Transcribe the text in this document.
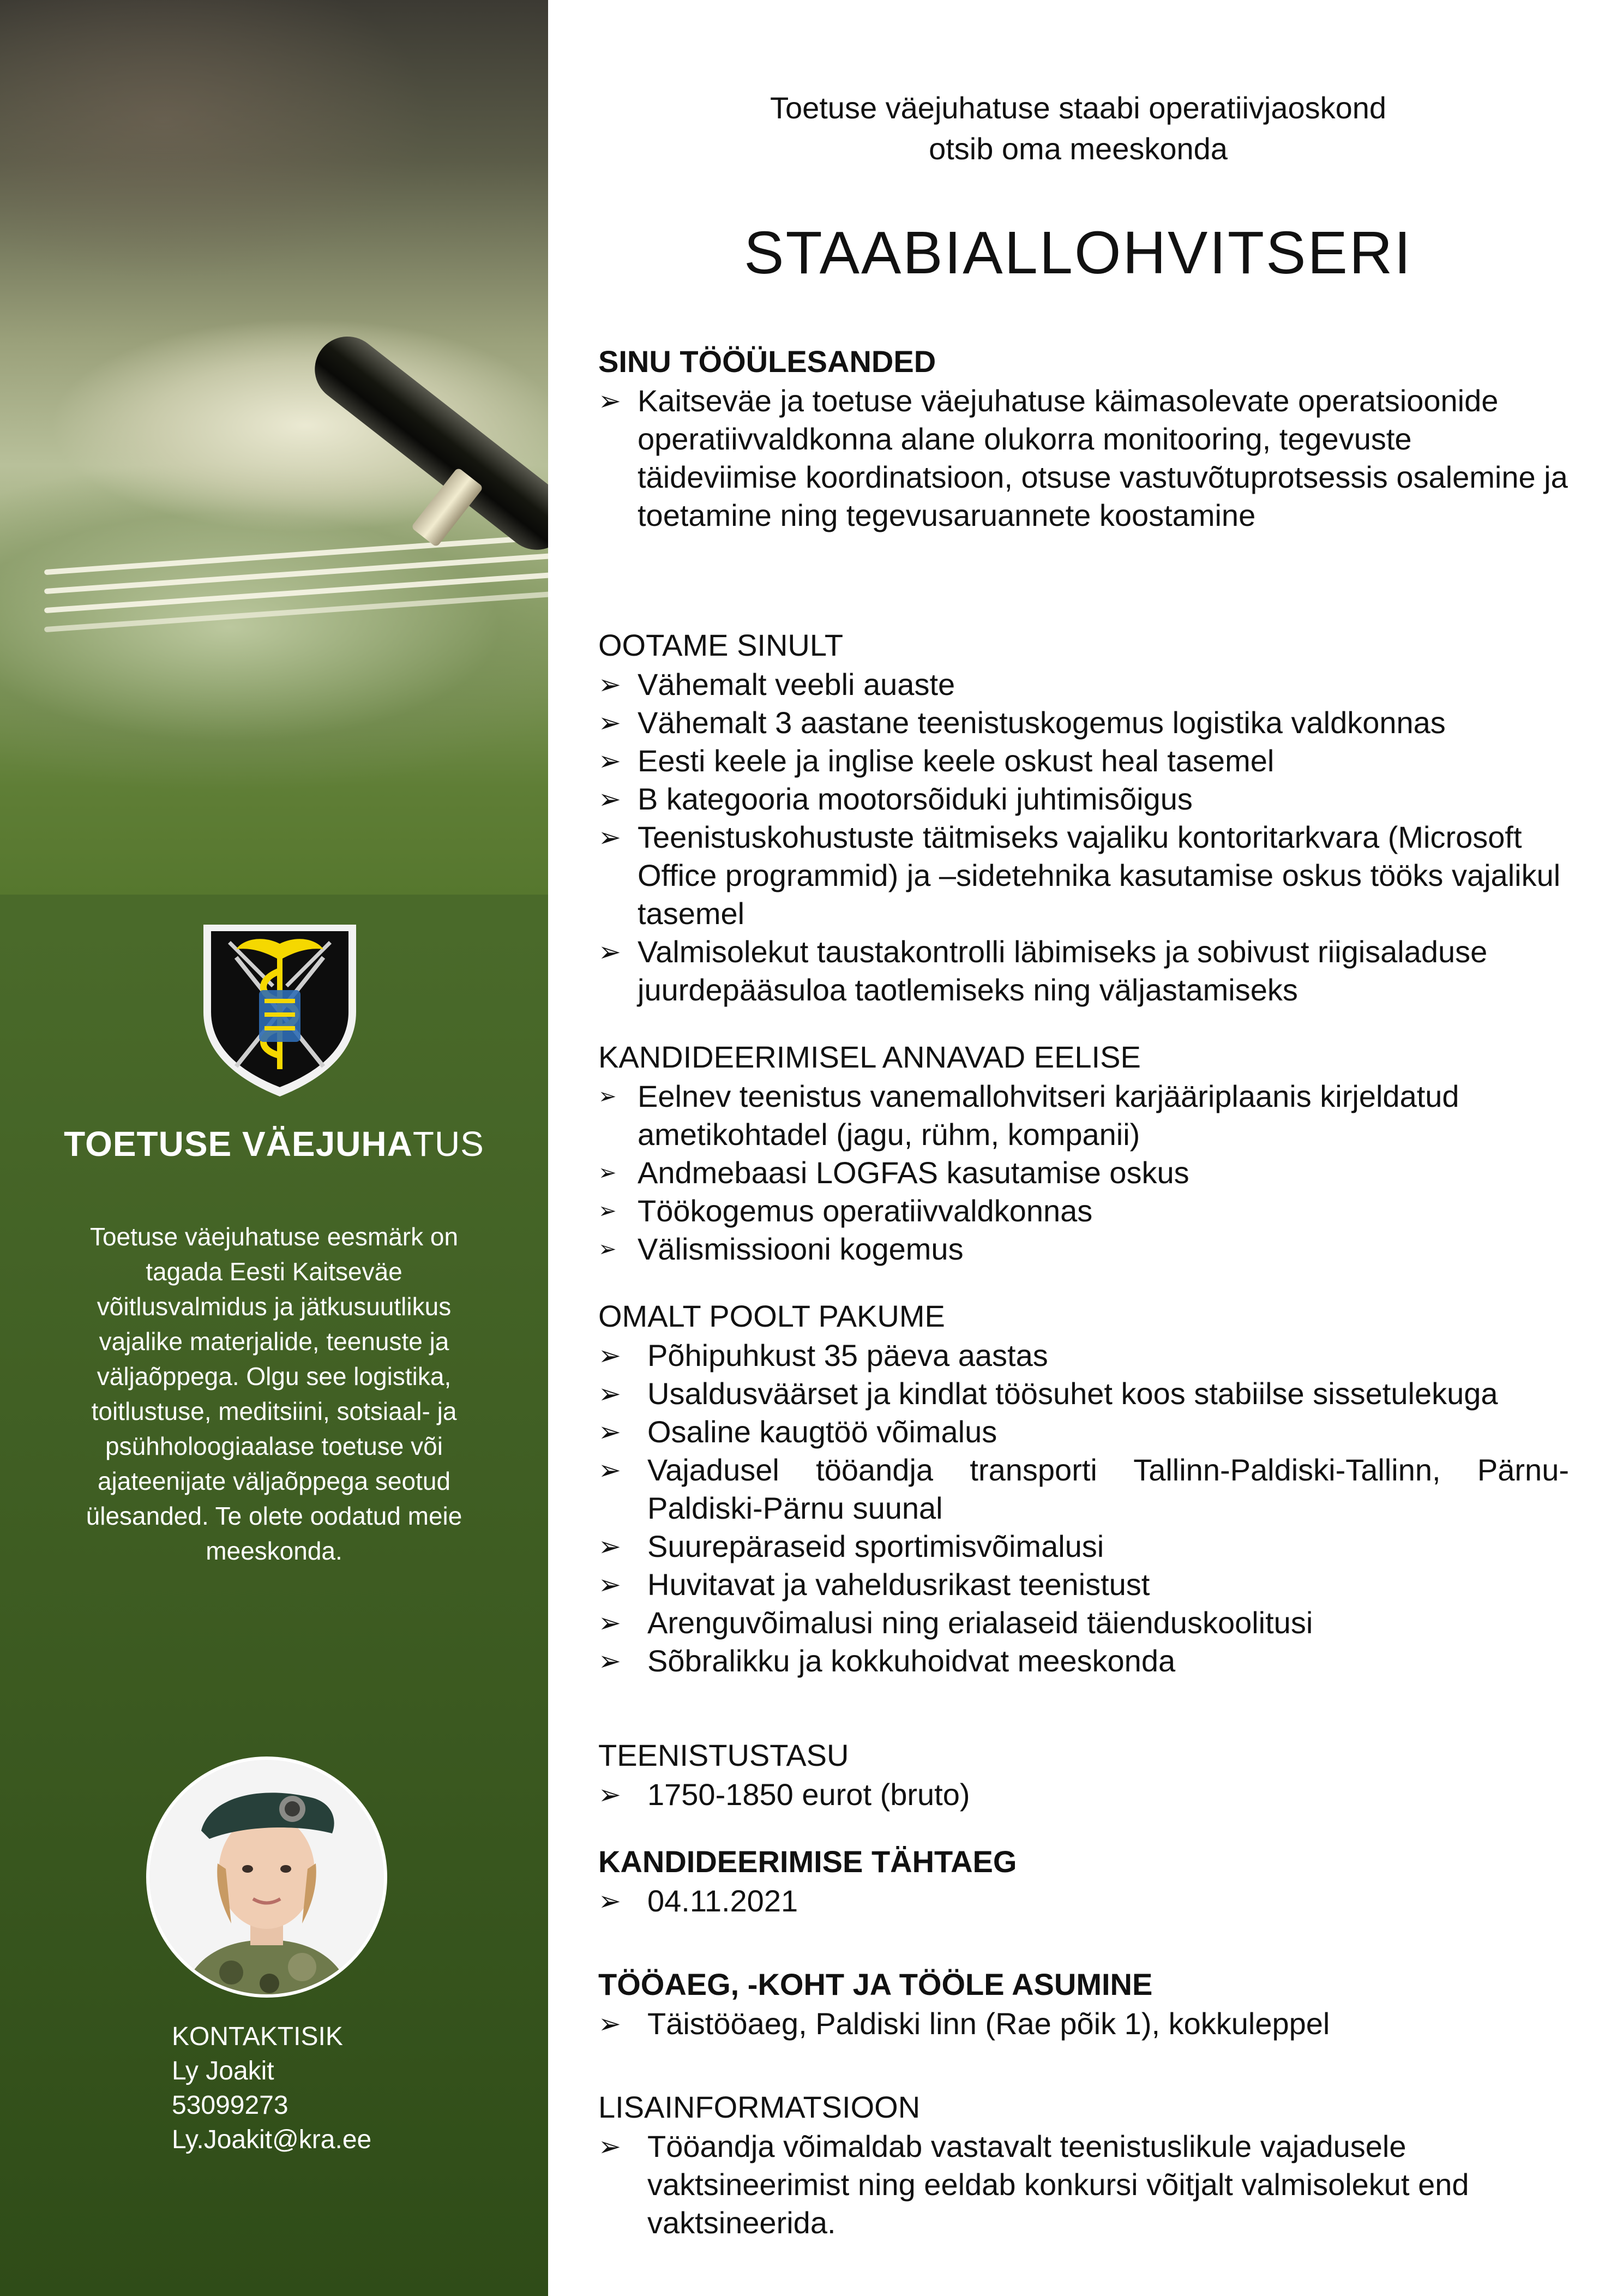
TOETUSE VÄEJUHATUS
Toetuse väejuhatuse eesmärk on tagada Eesti Kaitseväe võitlusvalmidus ja jätkusuutlikus vajalike materjalide, teenuste ja väljaõppega. Olgu see logistika, toitlustuse, meditsiini, sotsiaal- ja psühholoogiaalase toetuse või ajateenijate väljaõppega seotud ülesanded. Te olete oodatud meie meeskonda.
KONTAKTISIK
Ly Joakit
53099273
Ly.Joakit@kra.ee
Toetuse väejuhatuse staabi operatiivjaoskond
otsib oma meeskonda
STAABIALLOHVITSERI
SINU TÖÖÜLESANDED
➢ Kaitseväe ja toetuse väejuhatuse käimasolevate operatsioonide operatiivvaldkonna alane olukorra monitooring, tegevuste täideviimise koordinatsioon, otsuse vastuvõtuprotsessis osalemine ja toetamine ning tegevusaruannete koostamine
OOTAME SINULT
➢ Vähemalt veebli auaste
➢ Vähemalt 3 aastane teenistuskogemus logistika valdkonnas
➢ Eesti keele ja inglise keele oskust heal tasemel
➢ B kategooria mootorsõiduki juhtimisõigus
➢ Teenistuskohustuste täitmiseks vajaliku kontoritarkvara (Microsoft Office programmid) ja –sidetehnika kasutamise oskus tööks vajalikul tasemel
➢ Valmisolekut taustakontrolli läbimiseks ja sobivust riigisaladuse juurdepääsuloa taotlemiseks ning väljastamiseks
KANDIDEERIMISEL ANNAVAD EELISE
➢ Eelnev teenistus vanemallohvitseri karjääriplaanis kirjeldatud ametikohtadel (jagu, rühm, kompanii)
➢ Andmebaasi LOGFAS kasutamise oskus
➢ Töökogemus operatiivvaldkonnas
➢ Välismissiooni kogemus
OMALT POOLT PAKUME
➢ Põhipuhkust 35 päeva aastas
➢ Usaldusväärset ja kindlat töösuhet koos stabiilse sissetulekuga
➢ Osaline kaugtöö võimalus
➢ Vajadusel tööandja transporti Tallinn-Paldiski-Tallinn, Pärnu-Paldiski-Pärnu suunal
➢ Suurepäraseid sportimisvõimalusi
➢ Huvitavat ja vaheldusrikast teenistust
➢ Arenguvõimalusi ning erialaseid täienduskoolitusi
➢ Sõbralikku ja kokkuhoidvat meeskonda
TEENISTUSTASU
➢ 1750-1850 eurot (bruto)
KANDIDEERIMISE TÄHTAEG
➢ 04.11.2021
TÖÖAEG, -KOHT JA TÖÖLE ASUMINE
➢ Täistööaeg, Paldiski linn (Rae põik 1), kokkuleppel
LISAINFORMATSIOON
➢ Tööandja võimaldab vastavalt teenistuslikule vajadusele vaktsineerimist ning eeldab konkursi võitjalt valmisolekut end vaktsineerida.
